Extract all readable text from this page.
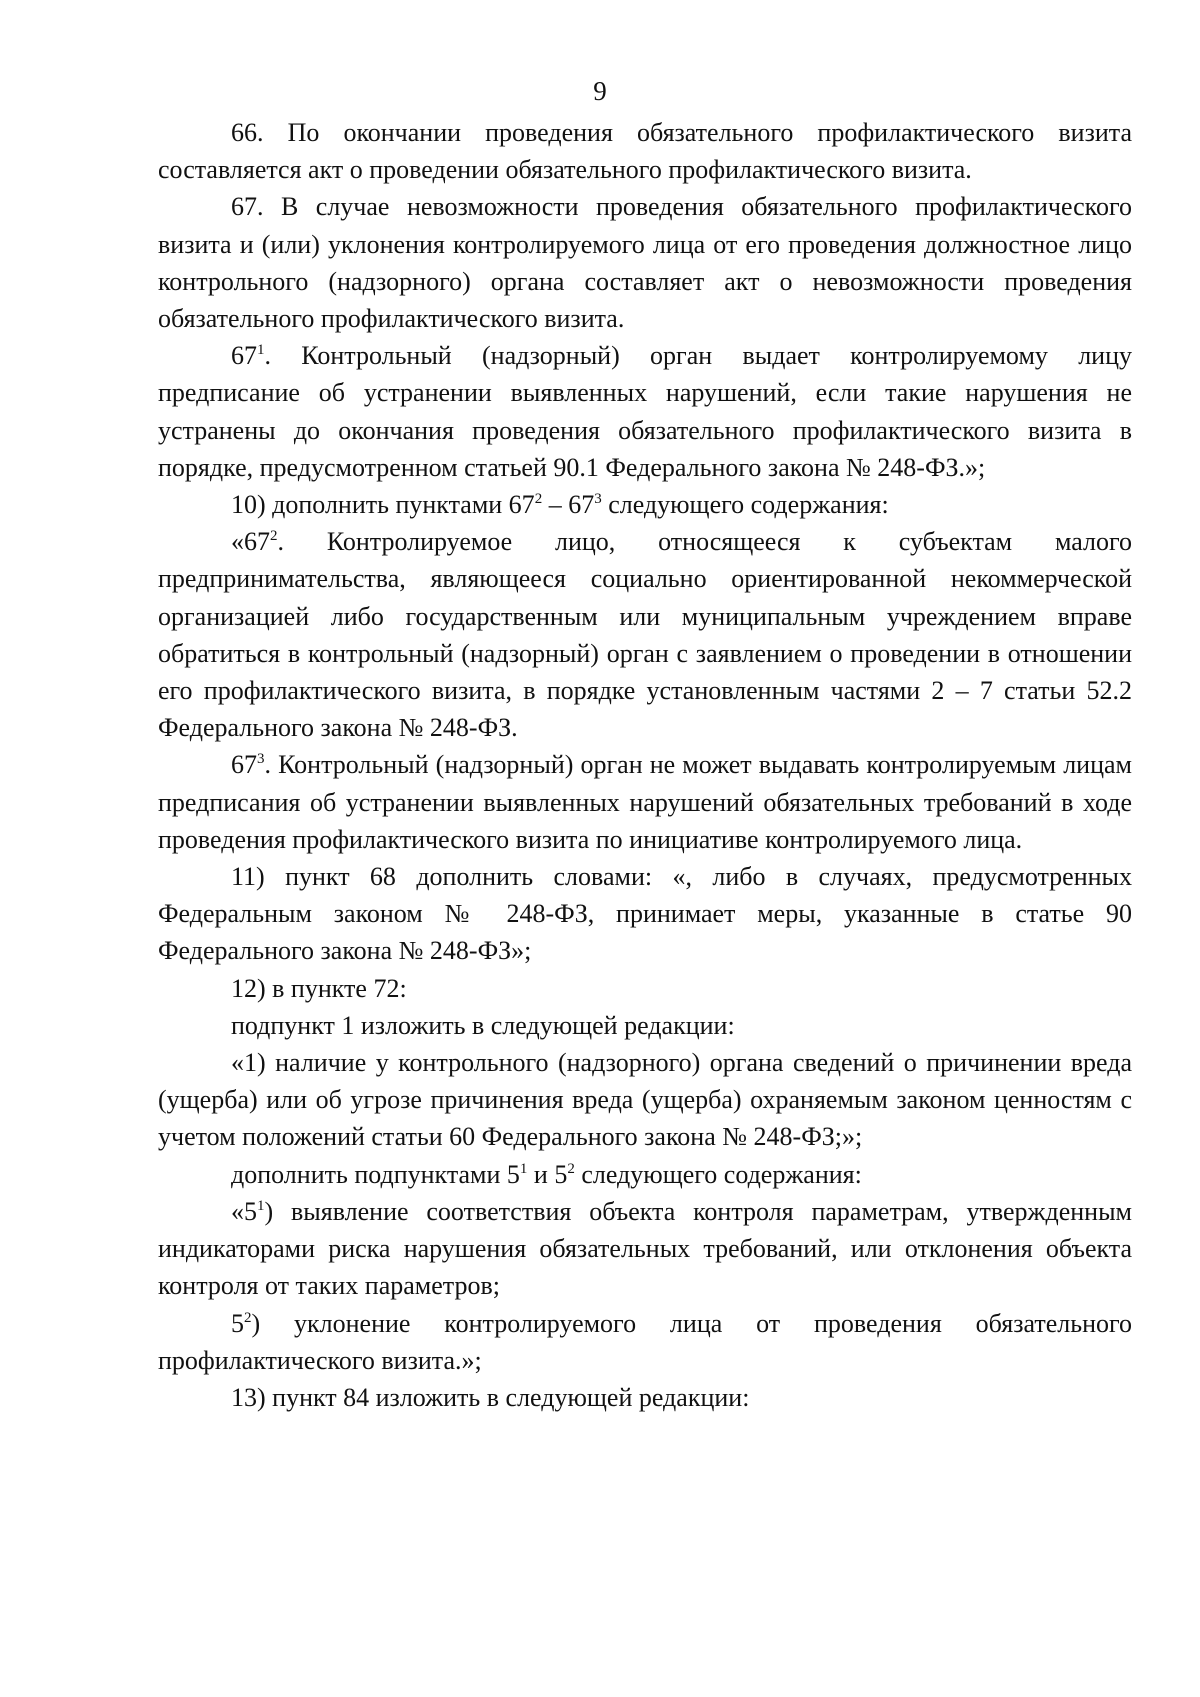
9

66. По окончании проведения обязательного профилактического визита составляется акт о проведении обязательного профилактического визита.

67. В случае невозможности проведения обязательного профилактического визита и (или) уклонения контролируемого лица от его проведения должностное лицо контрольного (надзорного) органа составляет акт о невозможности проведения обязательного профилактического визита.

$67^1$. Контрольный (надзорный) орган выдает контролируемому лицу предписание об устранении выявленных нарушений, если такие нарушения не устранены до окончания проведения обязательного профилактического визита в порядке, предусмотренном статьей 90.1 Федерального закона № 248-ФЗ.»;

10) дополнить пунктами $67^2 - 67^3$ следующего содержания:

«$67^2$. Контролируемое лицо, относящееся к субъектам малого предпринимательства, являющееся социально ориентированной некоммерческой организацией либо государственным или муниципальным учреждением вправе обратиться в контрольный (надзорный) орган с заявлением о проведении в отношении его профилактического визита, в порядке установленным частями 2 – 7 статьи 52.2 Федерального закона № 248-ФЗ.

$67^3$. Контрольный (надзорный) орган не может выдавать контролируемым лицам предписания об устранении выявленных нарушений обязательных требований в ходе проведения профилактического визита по инициативе контролируемого лица.

11) пункт 68 дополнить словами: «, либо в случаях, предусмотренных Федеральным законом № 248-ФЗ, принимает меры, указанные в статье 90 Федерального закона № 248-ФЗ»;

12) в пункте 72:

подпункт 1 изложить в следующей редакции:

«1) наличие у контрольного (надзорного) органа сведений о причинении вреда (ущерба) или об угрозе причинения вреда (ущерба) охраняемым законом ценностям с учетом положений статьи 60 Федерального закона № 248-ФЗ;»;

дополнить подпунктами $5^1$ и $5^2$ следующего содержания:

«$5^1$) выявление соответствия объекта контроля параметрам, утвержденным индикаторами риска нарушения обязательных требований, или отклонения объекта контроля от таких параметров;

$5^2$) уклонение контролируемого лица от проведения обязательного профилактического визита.»;

13) пункт 84 изложить в следующей редакции:
